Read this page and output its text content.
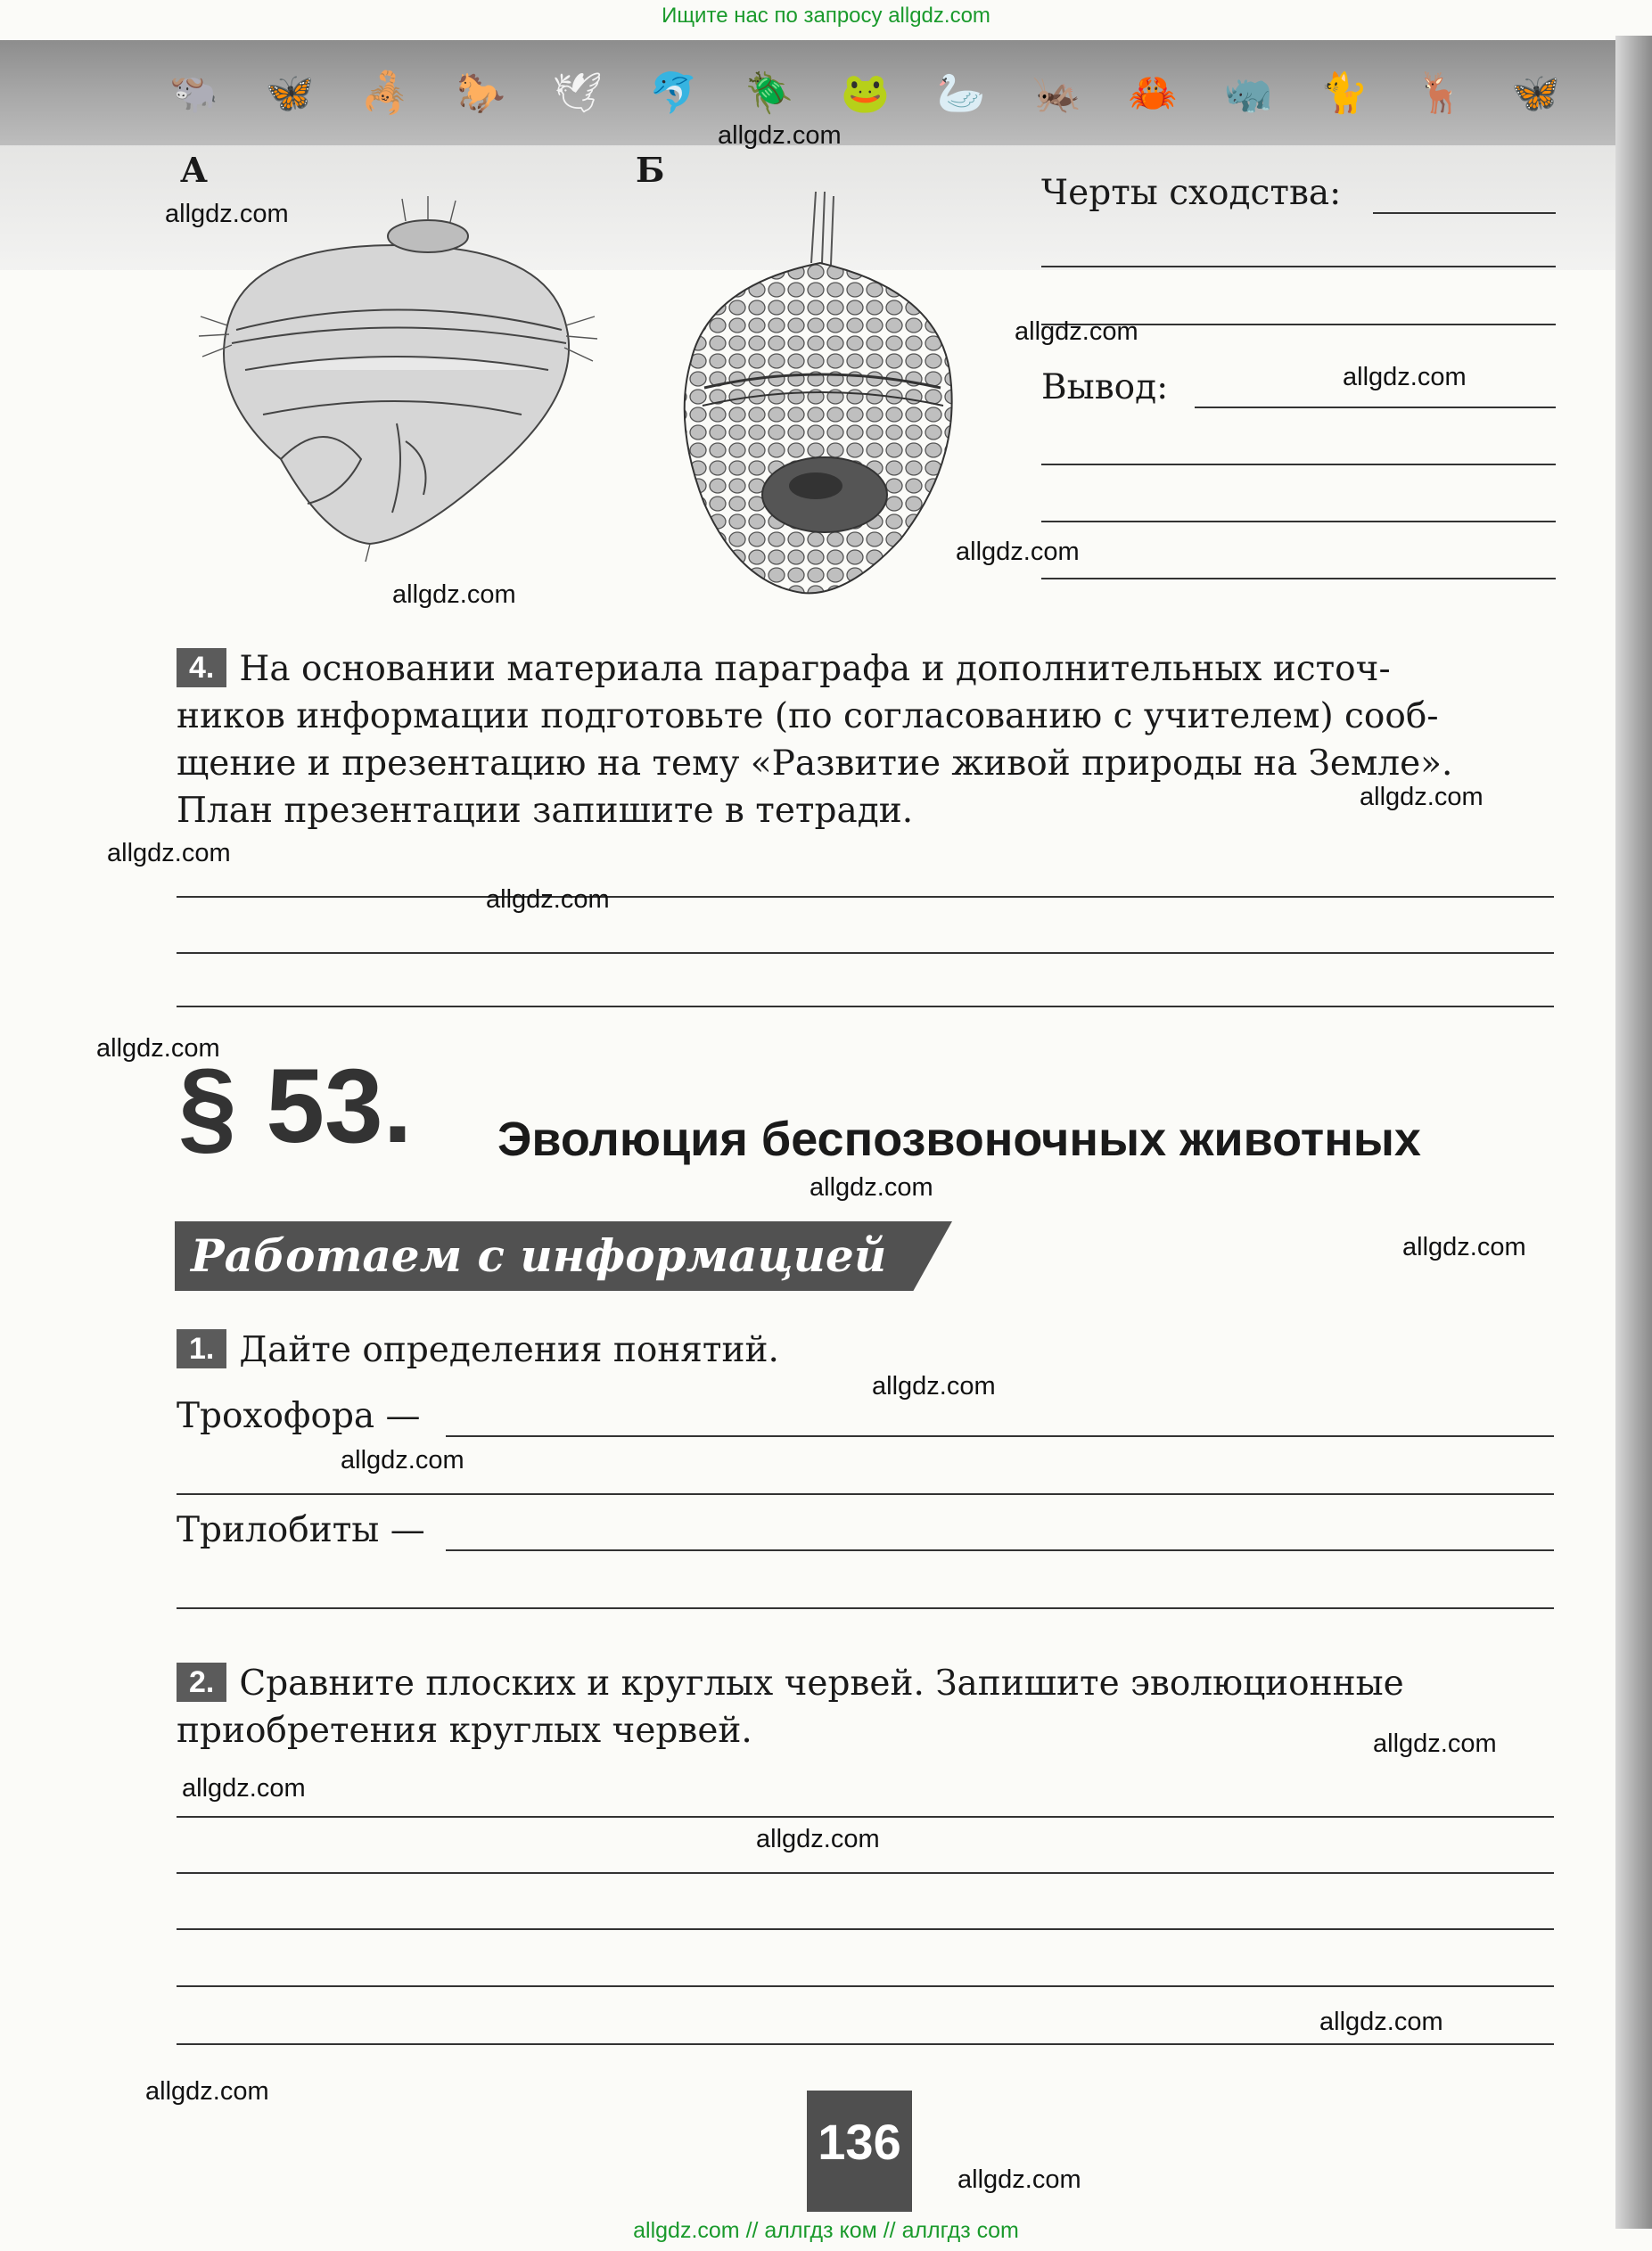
Ищите нас по запросу allgdz.com
🐃 🦋 🦂 🐎 🕊 🐬 🪲 🐸 🦢 🦗 🦀 🦏 🐈 🦌 🦋
А	Б
Черты сходства:
Вывод:
4. На основании материала параграфа и дополнительных источ-
ников информации подготовьте (по согласованию с учителем) сооб-
щение и презентацию на тему «Развитие живой природы на Земле».
План презентации запишите в тетради.
§ 53. Эволюция беспозвоночных животных
Работаем с информацией
1. Дайте определения понятий.
Трохофора —
Трилобиты —
2. Сравните плоских и круглых червей. Запишите эволюционные
приобретения круглых червей.
136
allgdz.com
allgdz.com
allgdz.com
allgdz.com
allgdz.com
allgdz.com
allgdz.com
allgdz.com
allgdz.com
allgdz.com
allgdz.com
allgdz.com
allgdz.com
allgdz.com
allgdz.com
allgdz.com
allgdz.com
allgdz.com
allgdz.com
allgdz.com
allgdz.com // аллгдз ком // аллгдз com
